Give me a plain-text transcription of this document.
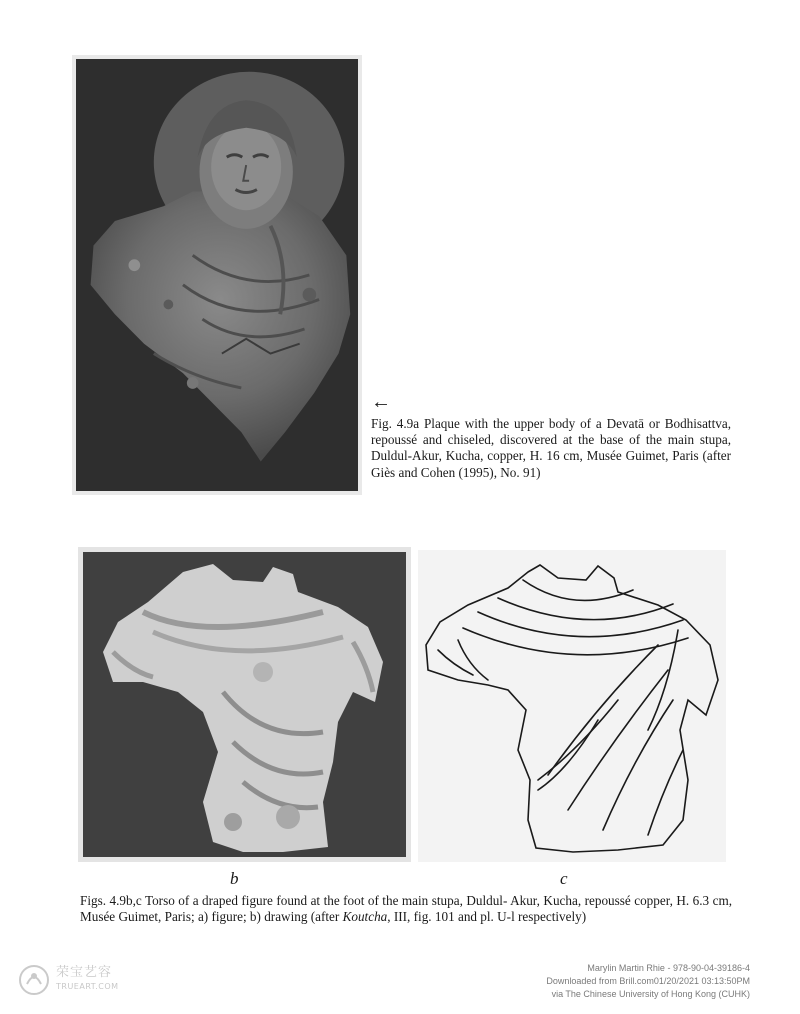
←
Fig. 4.9a Plaque with the upper body of a Devatā or Bodhisattva, repoussé and chiseled, discovered at the base of the main stupa, Duldul-Akur, Kucha, copper, H. 16 cm, Musée Guimet, Paris (after Giès and Cohen (1995), No. 91)
b	c
Figs. 4.9b,c Torso of a draped figure found at the foot of the main stupa, Duldul- Akur, Kucha, repoussé copper, H. 6.3 cm, Musée Guimet, Paris; a) figure; b) drawing (after Koutcha, III, fig. 101 and pl. U-l respectively)
荣宝艺容
TRUEART.COM
Marylin Martin Rhie - 978-90-04-39186-4
Downloaded from Brill.com01/20/2021 03:13:50PM
via The Chinese University of Hong Kong (CUHK)
